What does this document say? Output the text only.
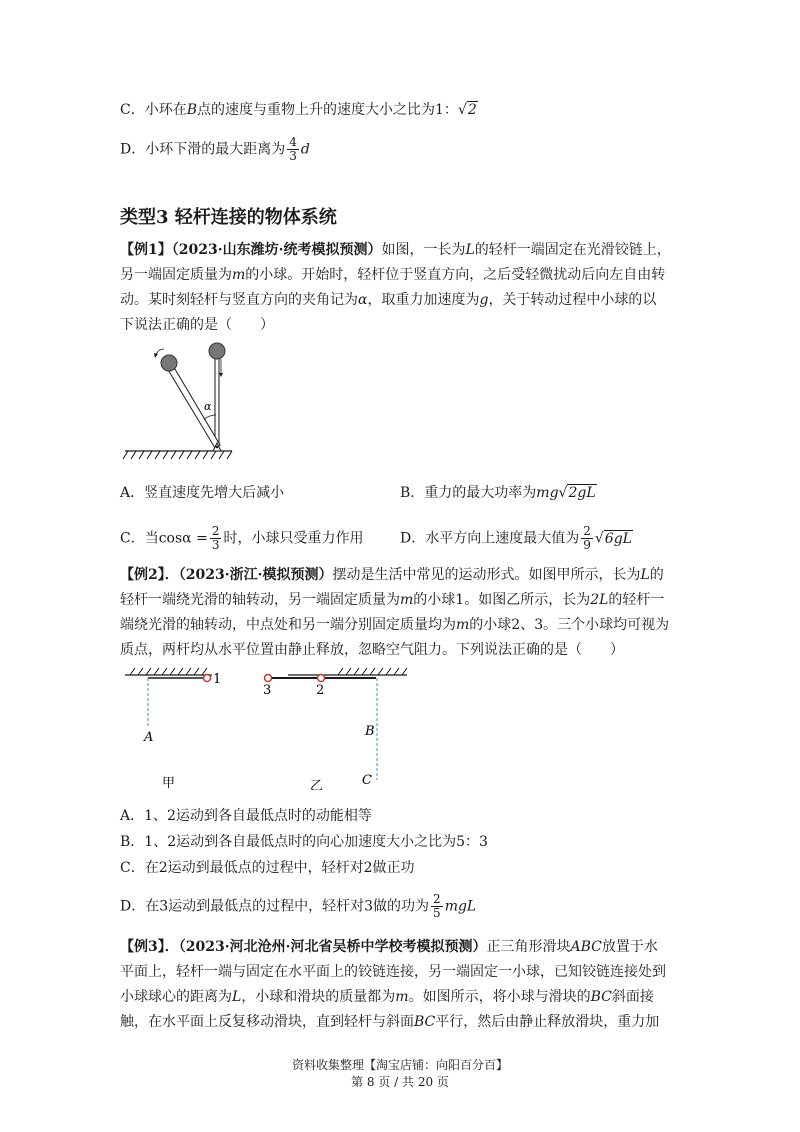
C．小环在B点的速度与重物上升的速度大小之比为1：√2
D．小环下滑的最大距离为 $\frac{4}{3}$ d
类型3 轻杆连接的物体系统
【例1】（2023·山东潍坊·统考模拟预测）如图，一长为L的轻杆一端固定在光滑铰链上，
另一端固定质量为m的小球。开始时，轻杆位于竖直方向，之后受轻微扰动后向左自由转
动。某时刻轻杆与竖直方向的夹角记为α，取重力加速度为g，关于转动过程中小球的以
下说法正确的是（　　）
α
A．竖直速度先增大后减小	B．重力的最大功率为mg√2gL
C．当$\cos\alpha = \frac{2}{3}$ 时，小球只受重力作用	D．水平方向上速度最大值为 $\frac{2}{9} √6gL$
【例2】．（2023·浙江·模拟预测）摆动是生活中常见的运动形式。如图甲所示，长为L的
轻杆一端绕光滑的轴转动，另一端固定质量为m的小球1。如图乙所示，长为2L的轻杆一
端绕光滑的轴转动，中点处和另一端分别固定质量均为m的小球2、3。三个小球均可视为
质点，两杆均从水平位置由静止释放，忽略空气阻力。下列说法正确的是（　　）
1
A
甲
3	2
B
C
乙
A．1、2运动到各自最低点时的动能相等
B．1、2运动到各自最低点时的向心加速度大小之比为5：3
C．在2运动到最低点的过程中，轻杆对2做正功
D．在3运动到最低点的过程中，轻杆对3做的功为 $\frac{2}{5}$ mgL
【例3】．（2023·河北沧州·河北省吴桥中学校考模拟预测）正三角形滑块ABC放置于水
平面上，轻杆一端与固定在水平面上的铰链连接，另一端固定一小球，已知铰链连接处到
小球球心的距离为L，小球和滑块的质量都为m。如图所示，将小球与滑块的BC斜面接
触，在水平面上反复移动滑块，直到轻杆与斜面BC平行，然后由静止释放滑块，重力加
资料收集整理【淘宝店铺：向阳百分百】
第 8 页 / 共 20 页
